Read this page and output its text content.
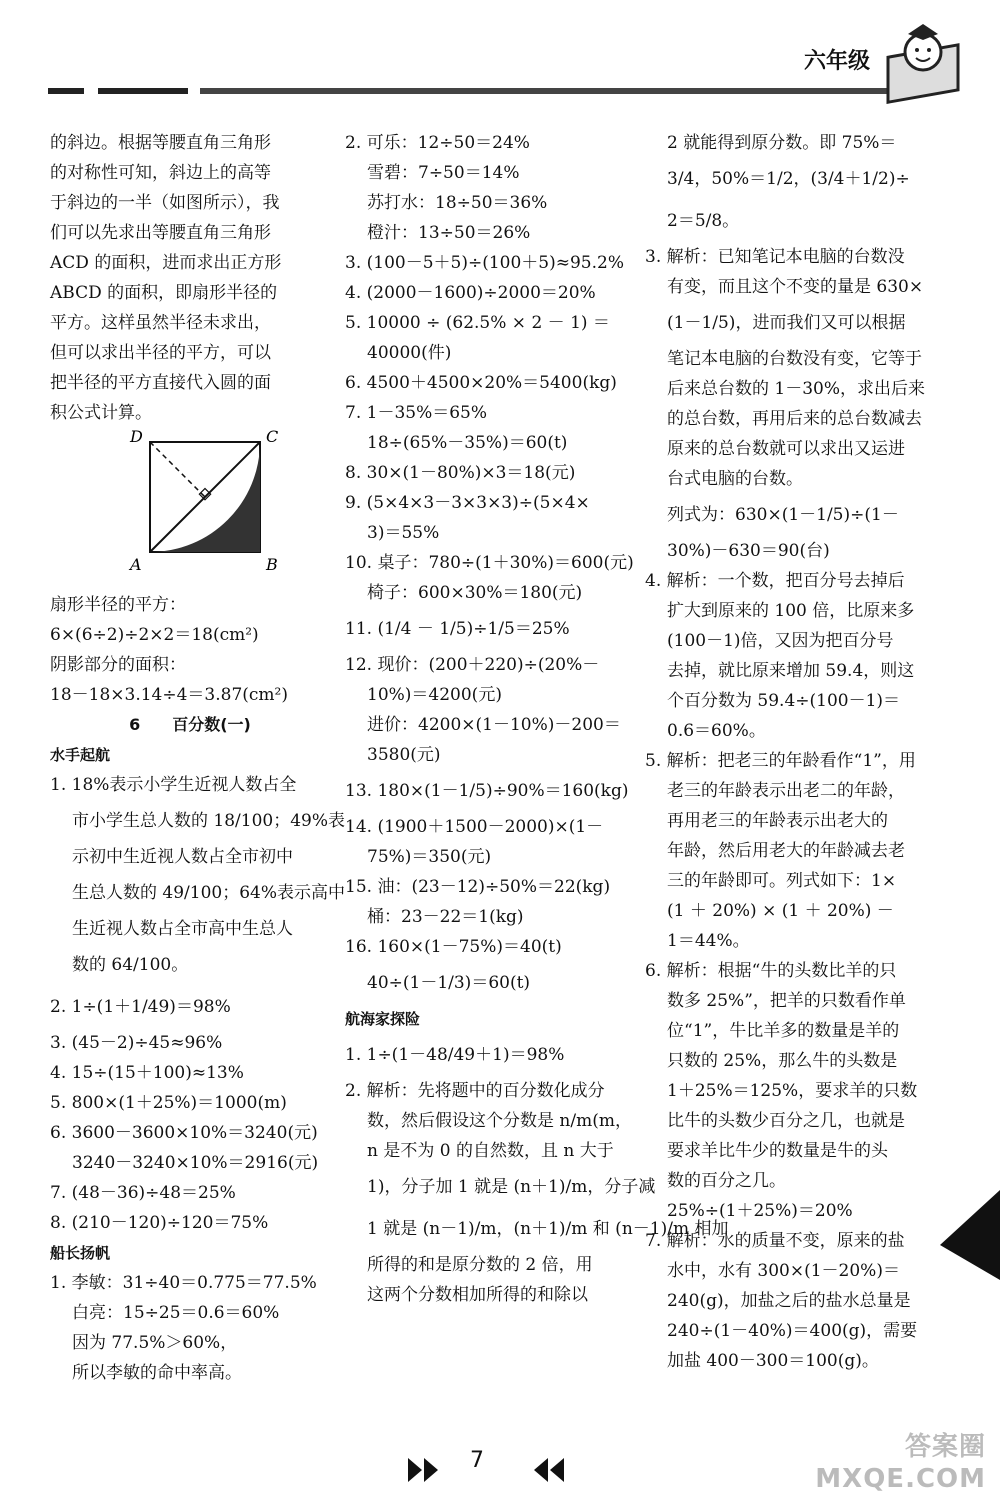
六年级
的斜边。根据等腰直角三角形
的对称性可知，斜边上的高等
于斜边的一半（如图所示），我
们可以先求出等腰直角三角形
ACD 的面积，进而求出正方形
ABCD 的面积，即扇形半径的
平方。这样虽然半径未求出，
但可以求出半径的平方，可以
把半径的平方直接代入圆的面
积公式计算。
D	C
A	B
扇形半径的平方：
6×(6÷2)÷2×2＝18(cm²)
阴影部分的面积：
18－18×3.14÷4＝3.87(cm²)
6　　百分数(一)
水手起航
1. 18%表示小学生近视人数占全
市小学生总人数的 18/100；49%表
示初中生近视人数占全市初中
生总人数的 49/100；64%表示高中
生近视人数占全市高中生总人
数的 64/100。
2. 1÷(1＋1/49)＝98%
3. (45－2)÷45≈96%
4. 15÷(15＋100)≈13%
5. 800×(1＋25%)＝1000(m)
6. 3600－3600×10%＝3240(元)
3240－3240×10%＝2916(元)
7. (48－36)÷48＝25%
8. (210－120)÷120＝75%
船长扬帆
1. 李敏：31÷40＝0.775＝77.5%
白亮：15÷25＝0.6＝60%
因为 77.5%＞60%，
所以李敏的命中率高。
2. 可乐：12÷50＝24%
雪碧：7÷50＝14%
苏打水：18÷50＝36%
橙汁：13÷50＝26%
3. (100－5＋5)÷(100＋5)≈95.2%
4. (2000－1600)÷2000＝20%
5. 10000 ÷ (62.5% × 2 － 1) ＝
40000(件)
6. 4500＋4500×20%＝5400(kg)
7. 1－35%＝65%
18÷(65%－35%)＝60(t)
8. 30×(1－80%)×3＝18(元)
9. (5×4×3－3×3×3)÷(5×4×
3)＝55%
10. 桌子：780÷(1＋30%)＝600(元)
椅子：600×30%＝180(元)
11. (1/4 － 1/5)÷1/5＝25%
12. 现价：(200＋220)÷(20%－
10%)＝4200(元)
进价：4200×(1－10%)－200＝
3580(元)
13. 180×(1－1/5)÷90%＝160(kg)
14. (1900＋1500－2000)×(1－
75%)＝350(元)
15. 油：(23－12)÷50%＝22(kg)
桶：23－22＝1(kg)
16. 160×(1－75%)＝40(t)
40÷(1－1/3)＝60(t)
航海家探险
1. 1÷(1－48/49＋1)＝98%
2. 解析：先将题中的百分数化成分
数，然后假设这个分数是 n/m(m，
n 是不为 0 的自然数，且 n 大于
1)，分子加 1 就是 (n＋1)/m，分子减
1 就是 (n－1)/m，(n＋1)/m 和 (n－1)/m 相加
所得的和是原分数的 2 倍，用
这两个分数相加所得的和除以
2 就能得到原分数。即 75%＝
3/4，50%＝1/2，(3/4＋1/2)÷
2＝5/8。
3. 解析：已知笔记本电脑的台数没
有变，而且这个不变的量是 630×
(1－1/5)，进而我们又可以根据
笔记本电脑的台数没有变，它等于
后来总台数的 1－30%，求出后来
的总台数，再用后来的总台数减去
原来的总台数就可以求出又运进
台式电脑的台数。
列式为：630×(1－1/5)÷(1－
30%)－630＝90(台)
4. 解析：一个数，把百分号去掉后
扩大到原来的 100 倍，比原来多
(100－1)倍，又因为把百分号
去掉，就比原来增加 59.4，则这
个百分数为 59.4÷(100－1)＝
0.6＝60%。
5. 解析：把老三的年龄看作“1”，用
老三的年龄表示出老二的年龄，
再用老三的年龄表示出老大的
年龄，然后用老大的年龄减去老
三的年龄即可。列式如下：1×
(1 ＋ 20%) × (1 ＋ 20%) －
1＝44%。
6. 解析：根据“牛的头数比羊的只
数多 25%”，把羊的只数看作单
位“1”，牛比羊多的数量是羊的
只数的 25%，那么牛的头数是
1＋25%＝125%，要求羊的只数
比牛的头数少百分之几，也就是
要求羊比牛少的数量是牛的头
数的百分之几。
25%÷(1＋25%)＝20%
7. 解析：水的质量不变，原来的盐
水中，水有 300×(1－20%)＝
240(g)，加盐之后的盐水总量是
240÷(1－40%)＝400(g)，需要
加盐 400－300＝100(g)。
7	答案圈
MXQE.COM
